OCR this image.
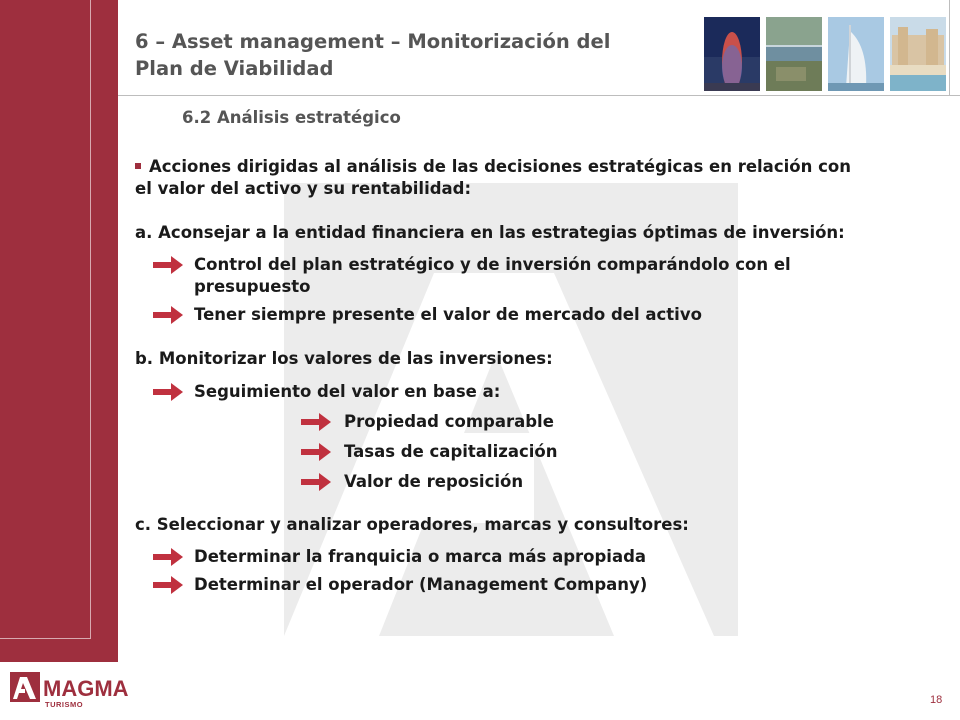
6 – Asset management – Monitorización del
Plan de Viabilidad
6.2 Análisis estratégico
Acciones dirigidas al análisis de las decisiones estratégicas en relación con
el valor del activo y su rentabilidad:
a. Aconsejar a la entidad financiera en las estrategias óptimas de inversión:
Control del plan estratégico y de inversión comparándolo con el
presupuesto
Tener siempre presente el valor de mercado del activo
b. Monitorizar los valores de las inversiones:
Seguimiento del valor en base a:
Propiedad comparable
Tasas de capitalización
Valor de reposición
c. Seleccionar y analizar operadores, marcas y consultores:
Determinar la franquicia o marca más apropiada
Determinar el operador (Management Company)
MAGMA
TURISMO	18
